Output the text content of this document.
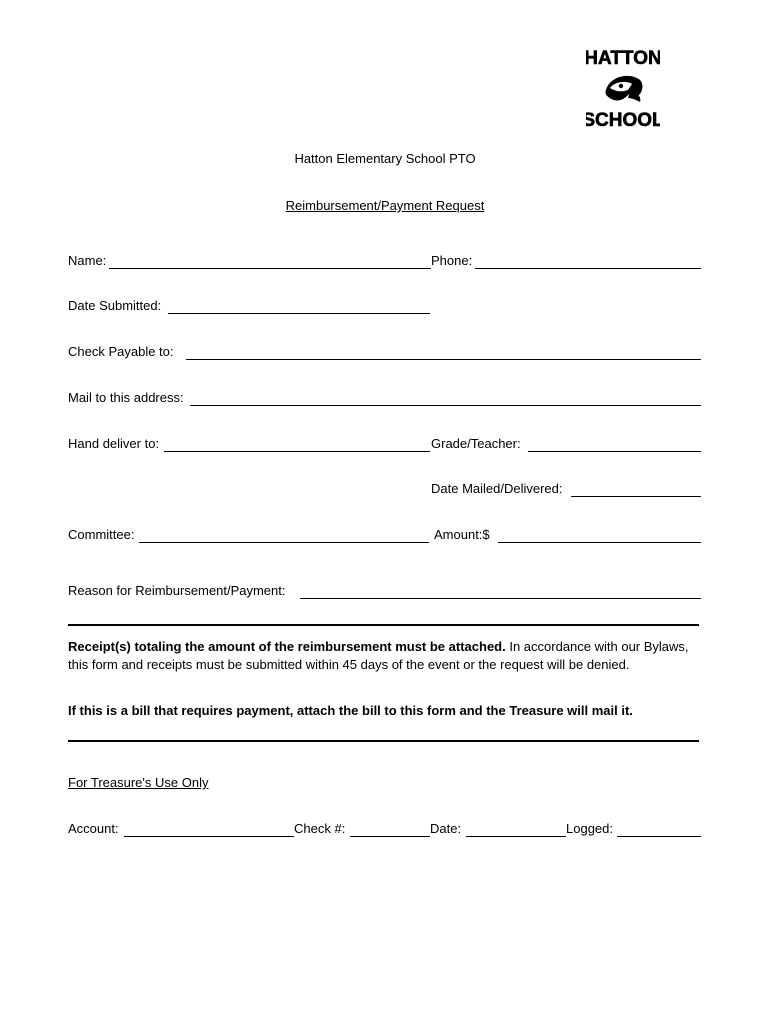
HATTON
SCHOOL
Hatton Elementary School PTO
Reimbursement/Payment Request
Name:	Phone:
Date Submitted:
Check Payable to:
Mail to this address:
Hand deliver to:	Grade/Teacher:
Date Mailed/Delivered:
Committee:	Amount:$
Reason for Reimbursement/Payment:
Receipt(s) totaling the amount of the reimbursement must be attached. In accordance with our Bylaws, this form and receipts must be submitted within 45 days of the event or the request will be denied.
If this is a bill that requires payment, attach the bill to this form and the Treasure will mail it.
For Treasure's Use Only
Account:	Check #:	Date:	Logged:
